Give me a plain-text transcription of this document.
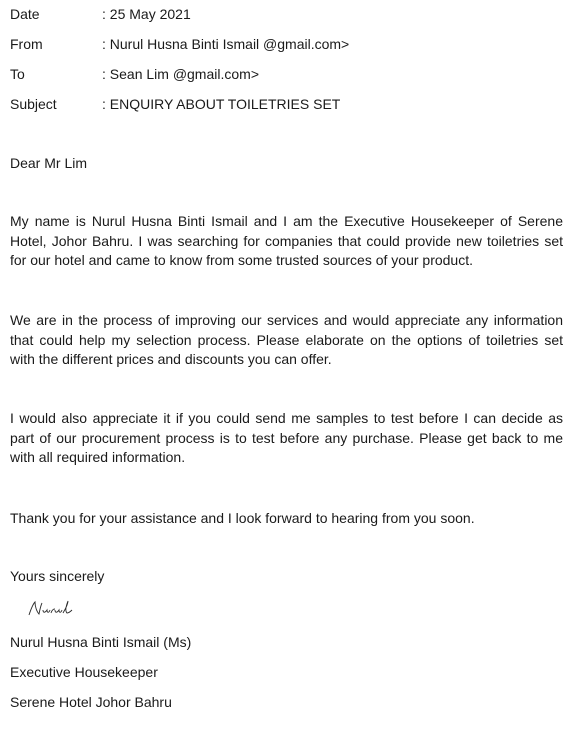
Date	: 25 May 2021
From	: Nurul Husna Binti Ismail @gmail.com>
To	: Sean Lim @gmail.com>
Subject	: ENQUIRY ABOUT TOILETRIES SET
Dear Mr Lim
My name is Nurul Husna Binti Ismail and I am the Executive Housekeeper of Serene Hotel, Johor Bahru. I was searching for companies that could provide new toiletries set for our hotel and came to know from some trusted sources of your product.
We are in the process of improving our services and would appreciate any information that could help my selection process. Please elaborate on the options of toiletries set with the different prices and discounts you can offer.
I would also appreciate it if you could send me samples to test before I can decide as part of our procurement process is to test before any purchase. Please get back to me with all required information.
Thank you for your assistance and I look forward to hearing from you soon.
Yours sincerely
Nurul Husna Binti Ismail (Ms)
Executive Housekeeper
Serene Hotel Johor Bahru
